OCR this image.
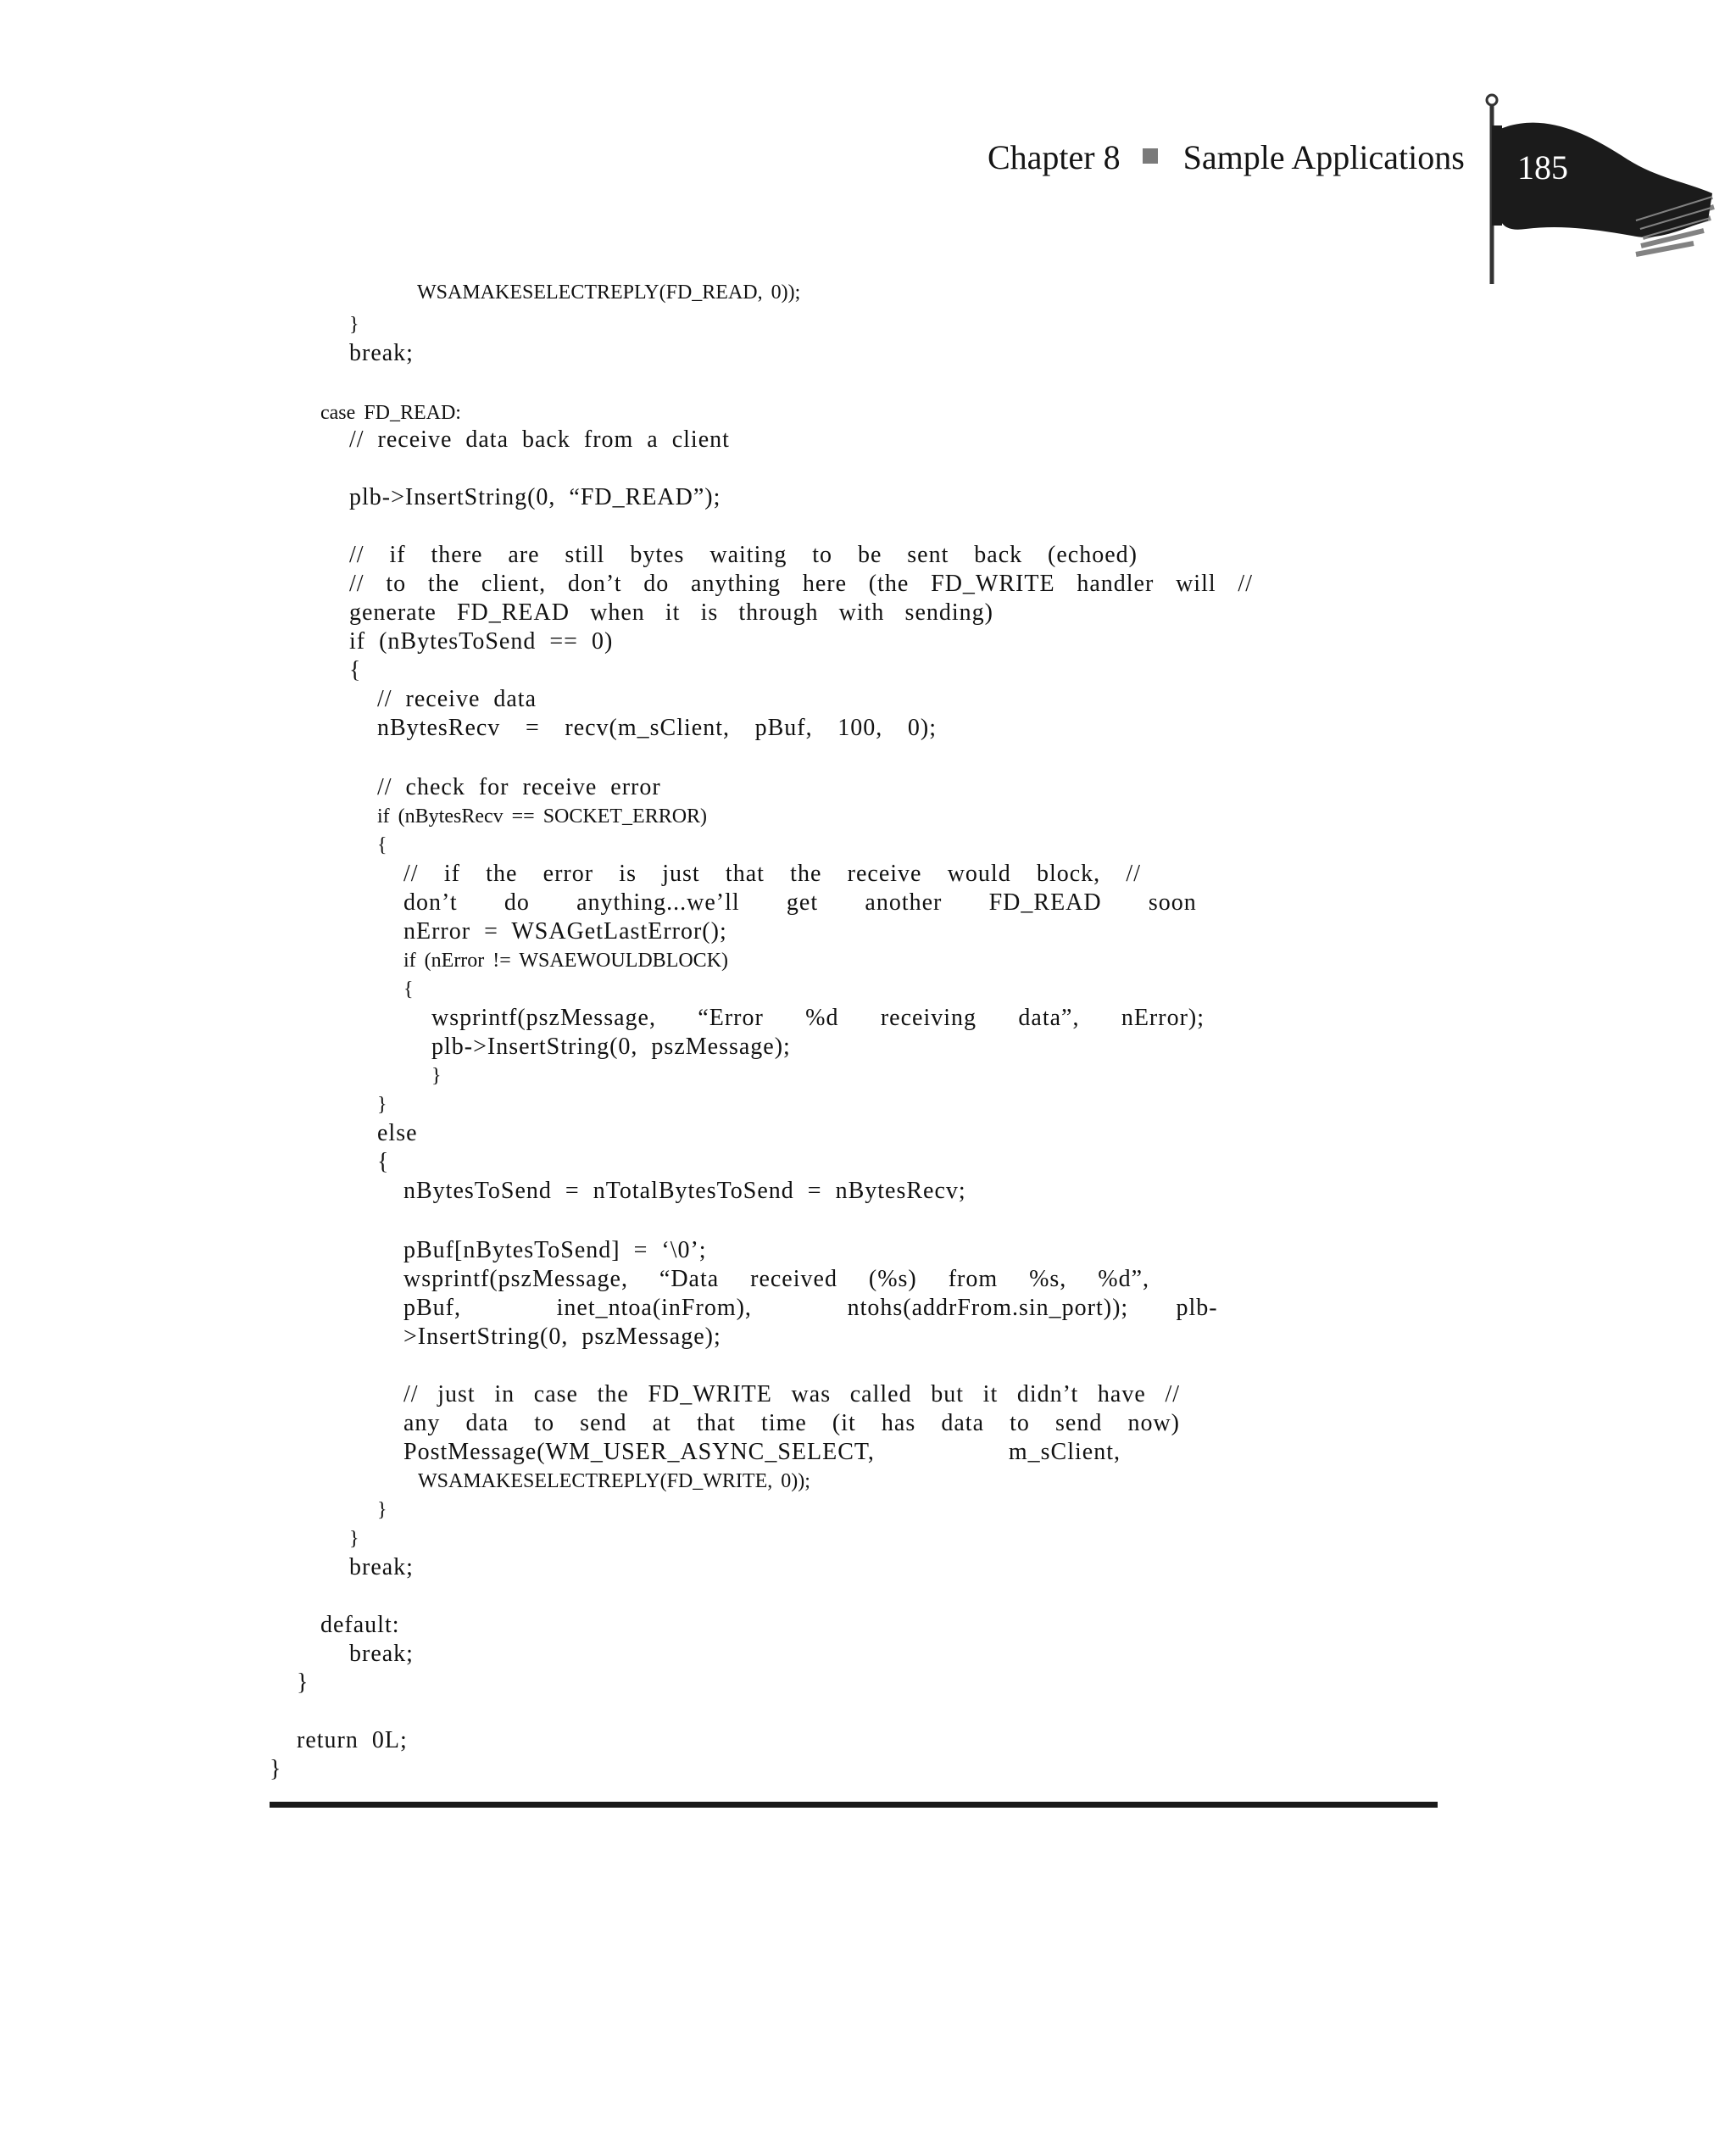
Chapter 8 Sample Applications 185
WSAMAKESELECTREPLY(FD_READ, 0));
}
break;
case FD_READ:
// receive data back from a client
plb->InsertString(0, “FD_READ”);
// if there are still bytes waiting to be sent back (echoed)
// to the client, don’t do anything here (the FD_WRITE handler will //
generate FD_READ when it is through with sending)
if (nBytesToSend == 0)
{
// receive data
nBytesRecv = recv(m_sClient, pBuf, 100, 0);
// check for receive error
if (nBytesRecv == SOCKET_ERROR)
{
// if the error is just that the receive would block, //
don’t  do  anything...we’ll  get  another  FD_READ  soon
nError = WSAGetLastError();
if (nError != WSAEWOULDBLOCK)
{
wsprintf(pszMessage, “Error %d receiving data”, nError);
plb->InsertString(0, pszMessage);
}
}
else
{
nBytesToSend = nTotalBytesToSend = nBytesRecv;
pBuf[nBytesToSend] = ‘\0’;
wsprintf(pszMessage, “Data received (%s) from %s, %d”,
pBuf,  inet_ntoa(inFrom),  ntohs(addrFrom.sin_port)); plb-
>InsertString(0, pszMessage);
// just in case the FD_WRITE was called but it didn’t have //
any data to send at that time (it has data to send now)
PostMessage(WM_USER_ASYNC_SELECT, m_sClient,
WSAMAKESELECTREPLY(FD_WRITE, 0));
}
}
break;
default:
break;
}
return 0L;
}
